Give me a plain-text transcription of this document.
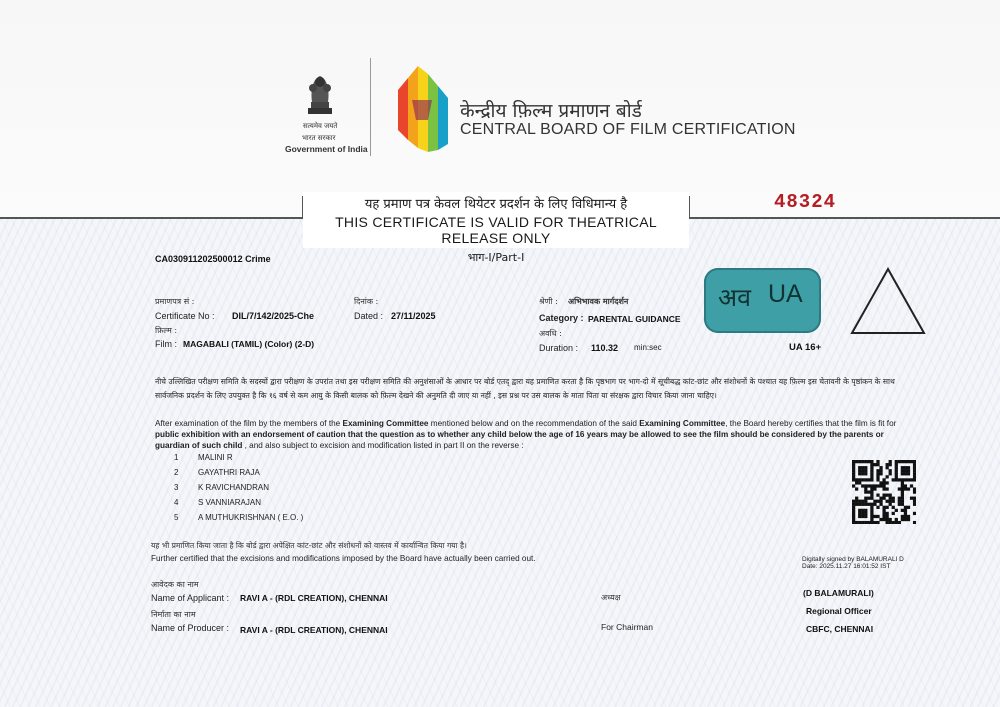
सत्यमेव जयते
भारत सरकार
Government of India
केन्द्रीय फ़िल्म प्रमाणन बोर्ड
CENTRAL BOARD OF FILM CERTIFICATION
48324
यह प्रमाण पत्र केवल थियेटर प्रदर्शन के लिए विधिमान्य है
THIS CERTIFICATE IS VALID FOR THEATRICAL RELEASE ONLY
भाग-I/Part-I
CA030911202500012 Crime
प्रमाणपत्र सं :
Certificate No : DIL/7/142/2025-Che
दिनांक :
Dated : 27/11/2025
श्रेणी : अभिभावक मार्गदर्शन
Category : PARENTAL GUIDANCE
फ़िल्म :
Film : MAGABALI (TAMIL) (Color) (2-D)
अवधि :
Duration : 110.32 min:sec
अव UA
UA 16+
नीचे उल्लिखित परीक्षण समिति के सदस्यों द्वारा परीक्षण के उपरांत तथा इस परीक्षण समिति की अनुशंसाओं के आधार पर बोर्ड एतद् द्वारा यह प्रमाणित करता है कि पृष्ठभाग पर भाग-दो में सूचीबद्ध कांट-छांट और संशोधनों के पश्चात यह फ़िल्म इस चेतावनी के पृष्ठांकन के साथ सार्वजनिक प्रदर्शन के लिए उपयुक्त है कि १६ वर्ष से कम आयु के किसी बालक को फ़िल्म देखने की अनुमति दी जाए या नहीं , इस प्रश्न पर उस बालक के माता पिता या संरक्षक द्वारा विचार किया जाना चाहिए।
After examination of the film by the members of the Examining Committee mentioned below and on the recommendation of the said Examining Committee, the Board hereby certifies that the film is fit for public exhibition with an endorsement of caution that the question as to whether any child below the age of 16 years may be allowed to see the film should be considered by the parents or guardian of such child , and also subject to excision and modification listed in part II on the reverse :
1 MALINI R
2 GAYATHRI RAJA
3 K RAVICHANDRAN
4 S VANNIARAJAN
5 A MUTHUKRISHNAN ( E.O. )
यह भी प्रमाणित किया जाता है कि बोर्ड द्वारा अपेक्षित कांट-छांट और संशोधनों को वास्तव में कार्यान्वित किया गया है।
Further certified that the excisions and modifications imposed by the Board have actually been carried out.	Digitally signed by BALAMURALI D
Date: 2025.11.27 16:01:52 IST
आवेदक का नाम
Name of Applicant : RAVI A - (RDL CREATION), CHENNAI
निर्माता का नाम
Name of Producer : RAVI A - (RDL CREATION), CHENNAI
अध्यक्ष
For Chairman
(D BALAMURALI)
Regional Officer
CBFC, CHENNAI
